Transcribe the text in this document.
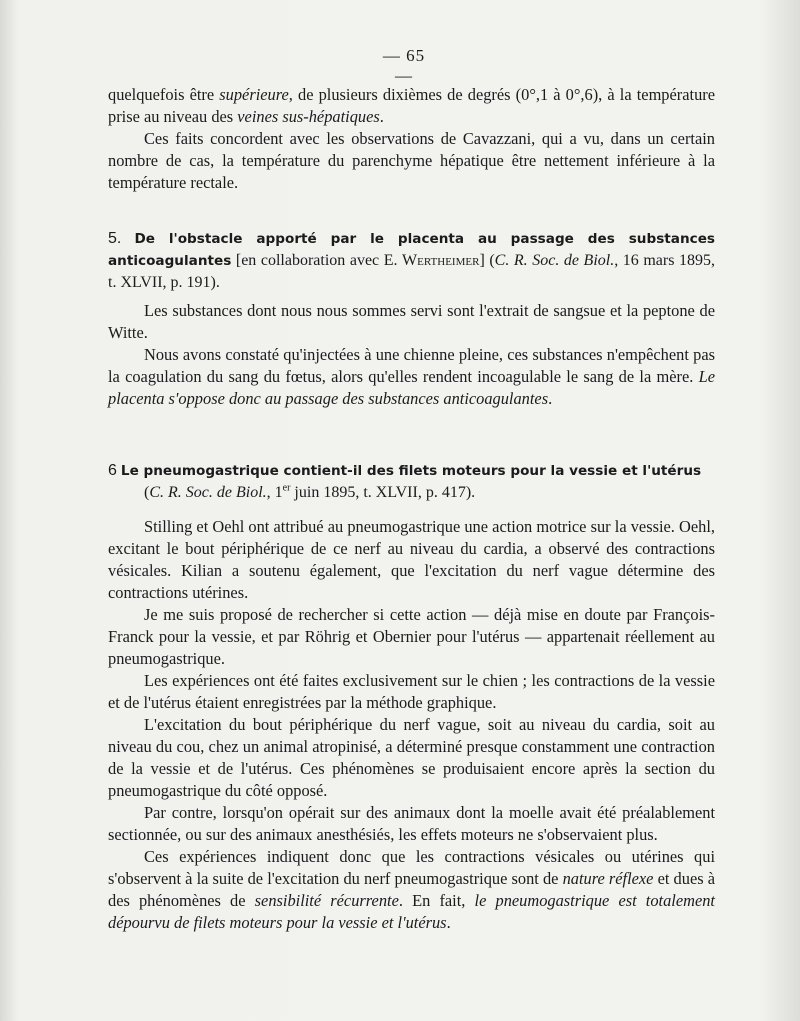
— 65 —

quelquefois être supérieure, de plusieurs dixièmes de degrés (0°,1 à 0°,6), à la température prise au niveau des veines sus-hépatiques.

Ces faits concordent avec les observations de Cavazzani, qui a vu, dans un certain nombre de cas, la température du parenchyme hépatique être nettement inférieure à la température rectale.

5. De l'obstacle apporté par le placenta au passage des substances anticoagulantes [en collaboration avec E. Wertheimer] (C. R. Soc. de Biol., 16 mars 1895, t. XLVII, p. 191).

Les substances dont nous nous sommes servi sont l'extrait de sangsue et la peptone de Witte.

Nous avons constaté qu'injectées à une chienne pleine, ces substances n'empêchent pas la coagulation du sang du fœtus, alors qu'elles rendent incoagulable le sang de la mère. Le placenta s'oppose donc au passage des substances anticoagulantes.

6 Le pneumogastrique contient-il des filets moteurs pour la vessie et l'utérus

(C. R. Soc. de Biol., 1er juin 1895, t. XLVII, p. 417).

Stilling et Oehl ont attribué au pneumogastrique une action motrice sur la vessie. Oehl, excitant le bout périphérique de ce nerf au niveau du cardia, a observé des contractions vésicales. Kilian a soutenu également, que l'excitation du nerf vague détermine des contractions utérines.

Je me suis proposé de rechercher si cette action — déjà mise en doute par François-Franck pour la vessie, et par Röhrig et Obernier pour l'utérus — appartenait réellement au pneumogastrique.

Les expériences ont été faites exclusivement sur le chien ; les contractions de la vessie et de l'utérus étaient enregistrées par la méthode graphique.

L'excitation du bout périphérique du nerf vague, soit au niveau du cardia, soit au niveau du cou, chez un animal atropinisé, a déterminé presque constamment une contraction de la vessie et de l'utérus. Ces phénomènes se produisaient encore après la section du pneumogastrique du côté opposé.

Par contre, lorsqu'on opérait sur des animaux dont la moelle avait été préalablement sectionnée, ou sur des animaux anesthésiés, les effets moteurs ne s'observaient plus.

Ces expériences indiquent donc que les contractions vésicales ou utérines qui s'observent à la suite de l'excitation du nerf pneumogastrique sont de nature réflexe et dues à des phénomènes de sensibilité récurrente. En fait, le pneumogastrique est totalement dépourvu de filets moteurs pour la vessie et l'utérus.
